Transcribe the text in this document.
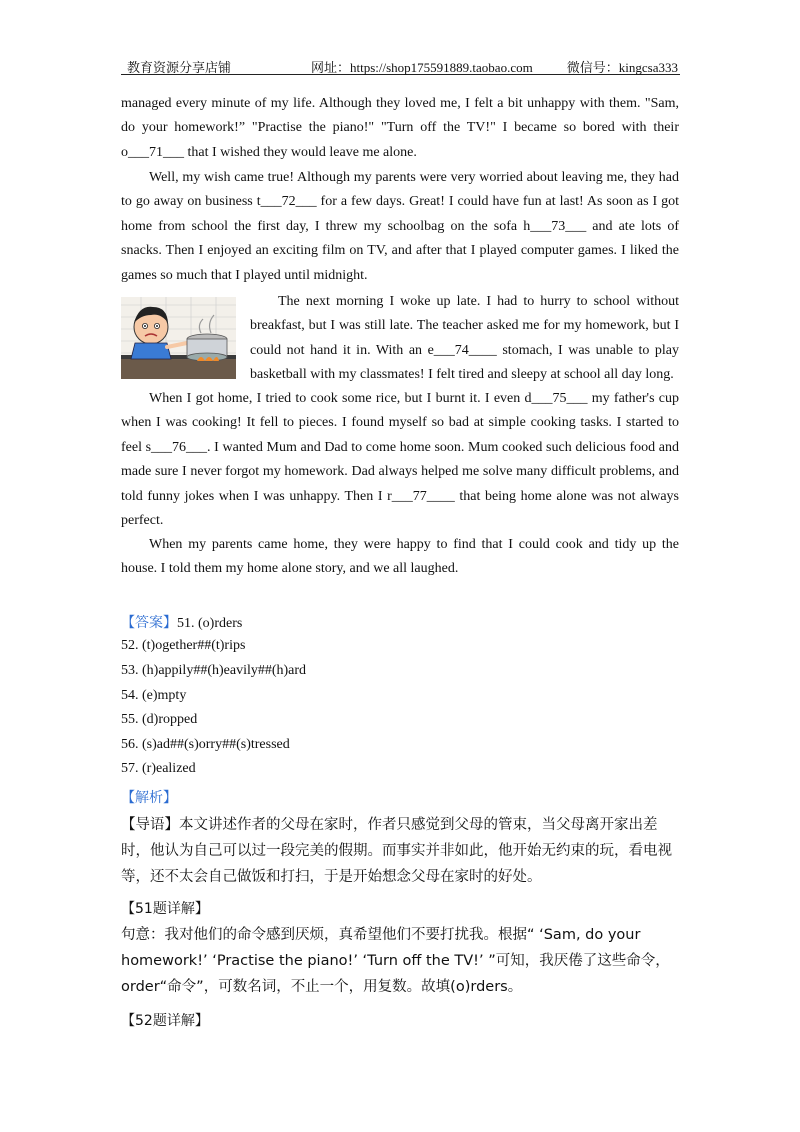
教育资源分享店铺	网址：https://shop175591889.taobao.com	微信号：kingcsa333

managed every minute of my life. Although they loved me, I felt a bit unhappy with them. "Sam, do your homework!” "Practise the piano!" "Turn off the TV!" I became so bored with their o___71___ that I wished they would leave me alone.

Well, my wish came true! Although my parents were very worried about leaving me, they had to go away on business t___72___ for a few days. Great! I could have fun at last! As soon as I got home from school the first day, I threw my schoolbag on the sofa h___73___ and ate lots of snacks. Then I enjoyed an exciting film on TV, and after that I played computer games. I liked the games so much that I played until midnight.

The next morning I woke up late. I had to hurry to school without breakfast, but I was still late. The teacher asked me for my homework, but I could not hand it in. With an e___74____ stomach, I was unable to play basketball with my classmates! I felt tired and sleepy at school all day long.

When I got home, I tried to cook some rice, but I burnt it. I even d___75___ my father's cup when I was cooking! It fell to pieces. I found myself so bad at simple cooking tasks. I started to feel s___76___. I wanted Mum and Dad to come home soon. Mum cooked such delicious food and made sure I never forgot my homework. Dad always helped me solve many difficult problems, and told funny jokes when I was unhappy. Then I r___77____ that being home alone was not always perfect.

When my parents came home, they were happy to find that I could cook and tidy up the house. I told them my home alone story, and we all laughed.

【答案】51. (o)rders
52. (t)ogether##(t)rips
53. (h)appily##(h)eavily##(h)ard
54. (e)mpty
55. (d)ropped
56. (s)ad##(s)orry##(s)tressed
57. (r)ealized
【解析】

【导语】本文讲述作者的父母在家时，作者只感觉到父母的管束，当父母离开家出差时，他认为自己可以过一段完美的假期。而事实并非如此，他开始无约束的玩，看电视等，还不太会自己做饭和打扫，于是开始想念父母在家时的好处。

【51题详解】

句意：我对他们的命令感到厌烦，真希望他们不要打扰我。根据“ ‘Sam, do your homework!’ ‘Practise the piano!’ ‘Turn off the TV!’ ”可知，我厌倦了这些命令，order“命令”，可数名词，不止一个，用复数。故填(o)rders。

【52题详解】
